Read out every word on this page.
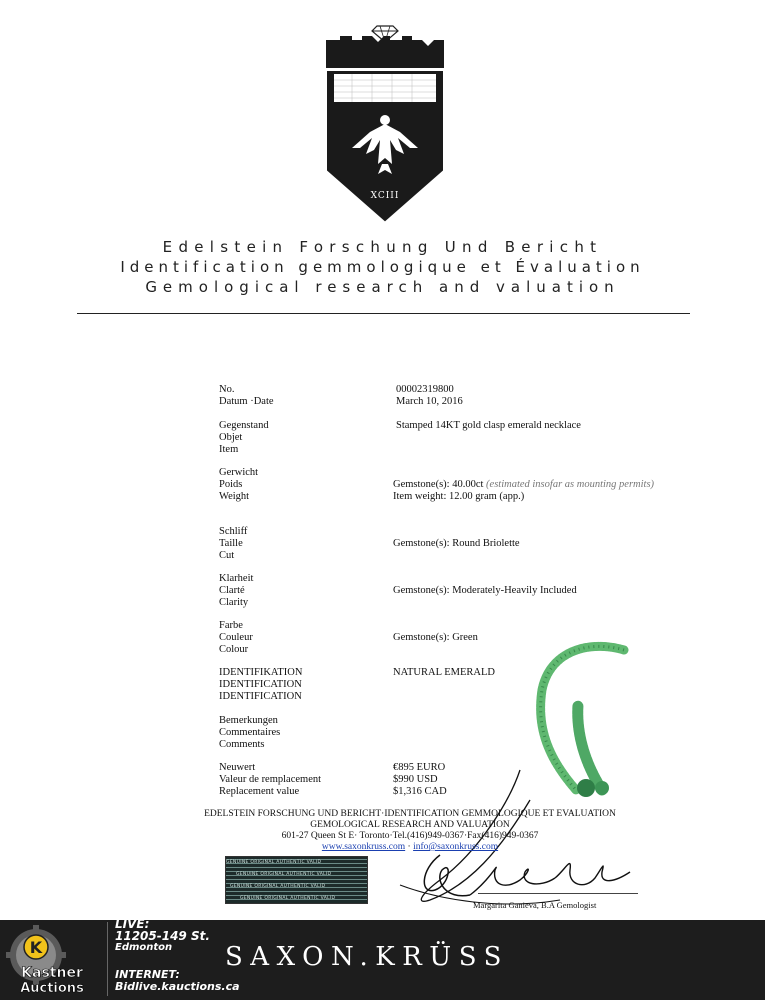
XCIII
Edelstein Forschung Und Bericht
Identification gemmologique et Évaluation
Gemological research and valuation
No.	00002319800
Datum ·Date	March 10, 2016
Gegenstand
Objet
Item
Stamped 14KT gold clasp emerald necklace
Gerwicht
Poids
Weight
Gemstone(s): 40.00ct (estimated insofar as mounting permits)
Item weight: 12.00 gram (app.)
Schliff
Taille
Cut
Gemstone(s): Round Briolette
Klarheit
Clarté
Clarity
Gemstone(s): Moderately-Heavily Included
Farbe
Couleur
Colour
Gemstone(s): Green
IDENTIFIKATION
IDENTIFICATION
IDENTIFICATION
NATURAL EMERALD
Bemerkungen
Commentaires
Comments
Neuwert
Valeur de remplacement
Replacement value
€895 EURO
$990 USD
$1,316 CAD
EDELSTEIN FORSCHUNG UND BERICHT·IDENTIFICATION GEMMOLOGIQUE ET EVALUATION
GEMOLOGICAL RESEARCH AND VALUATION
601-27 Queen St E· Toronto·Tel.(416)949-0367·Fax(416)949-0367
www.saxonkruss.com · info@saxonkruss.com
GENUINE ORIGINAL AUTHENTIC VALID
GENUINE ORIGINAL AUTHENTIC VALID
GENUINE ORIGINAL AUTHENTIC VALID
GENUINE ORIGINAL AUTHENTIC VALID
Margarita Ganieva, B.A Gemologist
K
Kastner
Auctions
LIVE:
11205-149 St.
Edmonton
INTERNET:
Bidlive.kauctions.ca
SAXON.KRÜSS
